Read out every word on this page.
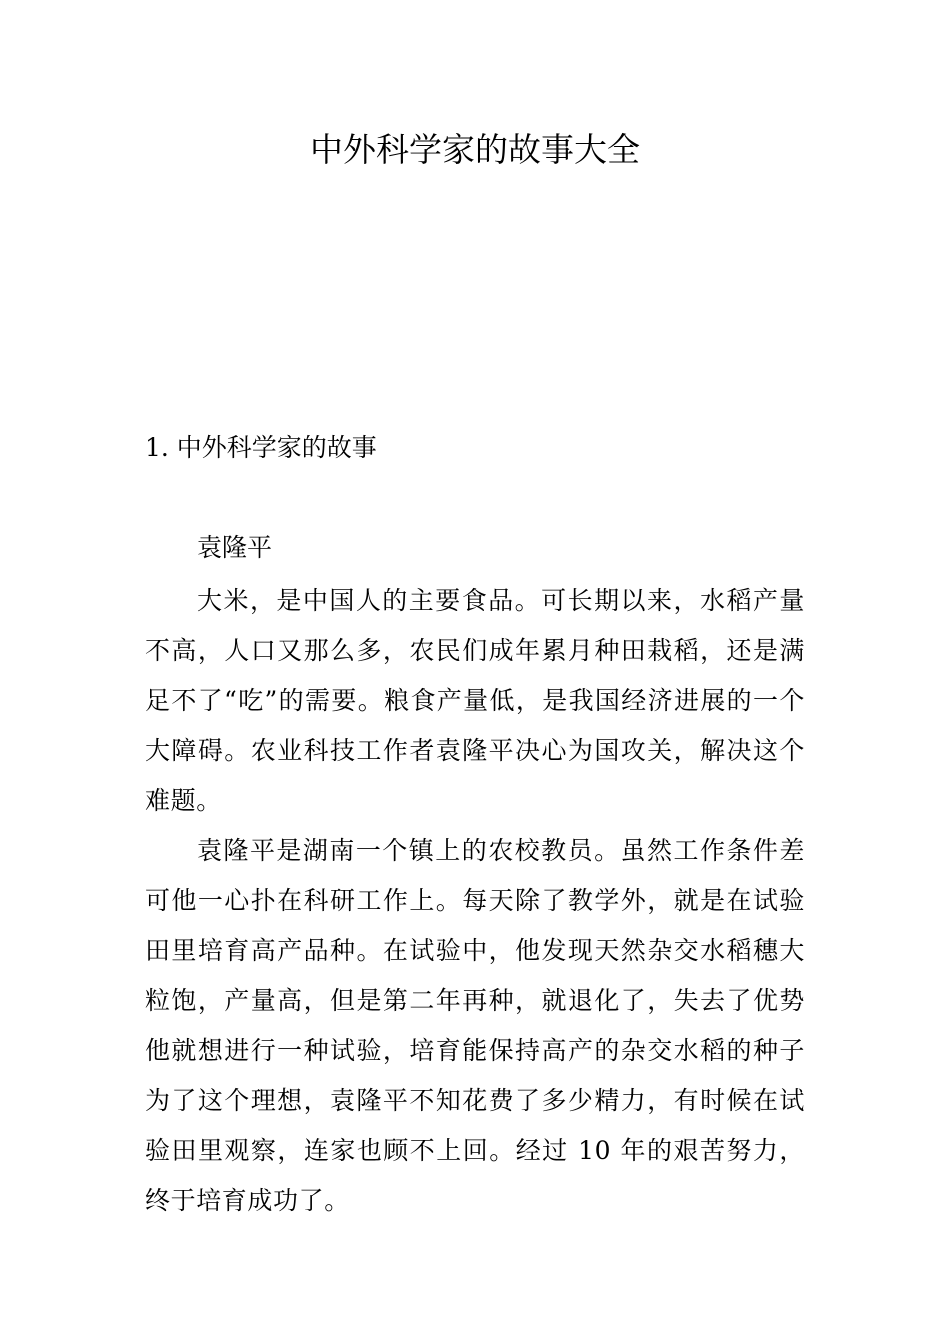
中外科学家的故事大全
1. 中外科学家的故事

袁隆平

大米，是中国人的主要食品。可长期以来，水稻产量不高，人口又那么多，农民们成年累月种田栽稻，还是满足不了“吃”的需要。粮食产量低，是我国经济进展的一个大障碍。农业科技工作者袁隆平决心为国攻关，解决这个难题。

袁隆平是湖南一个镇上的农校教员。虽然工作条件差可他一心扑在科研工作上。每天除了教学外，就是在试验田里培育高产品种。在试验中，他发现天然杂交水稻穗大粒饱，产量高，但是第二年再种，就退化了，失去了优势他就想进行一种试验，培育能保持高产的杂交水稻的种子为了这个理想，袁隆平不知花费了多少精力，有时候在试验田里观察，连家也顾不上回。经过 10 年的艰苦努力，终于培育成功了。
